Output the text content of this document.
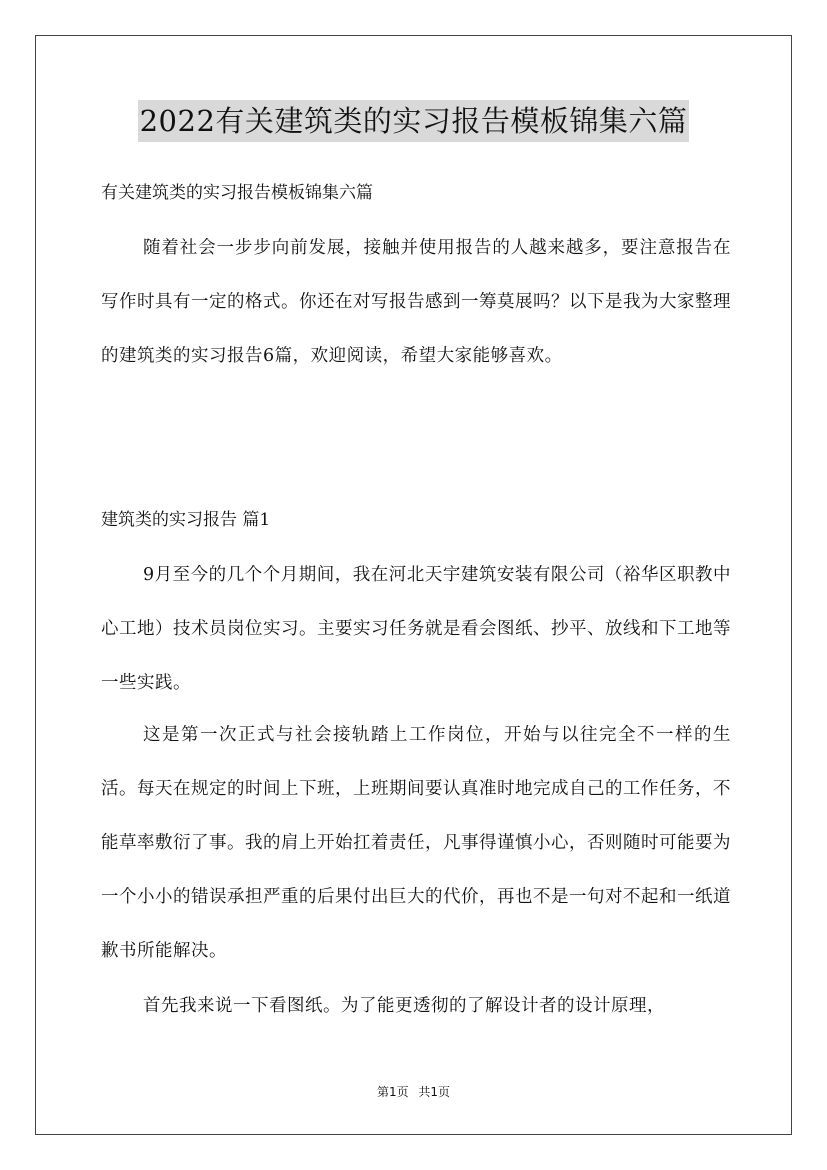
2022有关建筑类的实习报告模板锦集六篇
有关建筑类的实习报告模板锦集六篇
随着社会一步步向前发展，接触并使用报告的人越来越多，要注意报告在写作时具有一定的格式。你还在对写报告感到一筹莫展吗？以下是我为大家整理的建筑类的实习报告6篇，欢迎阅读，希望大家能够喜欢。
建筑类的实习报告 篇1
9月至今的几个个月期间，我在河北天宇建筑安装有限公司（裕华区职教中心工地）技术员岗位实习。主要实习任务就是看会图纸、抄平、放线和下工地等一些实践。
这是第一次正式与社会接轨踏上工作岗位，开始与以往完全不一样的生活。每天在规定的时间上下班，上班期间要认真准时地完成自己的工作任务，不能草率敷衍了事。我的肩上开始扛着责任，凡事得谨慎小心，否则随时可能要为一个小小的错误承担严重的后果付出巨大的代价，再也不是一句对不起和一纸道歉书所能解决。
首先我来说一下看图纸。为了能更透彻的了解设计者的设计原理，
第1页 共1页
